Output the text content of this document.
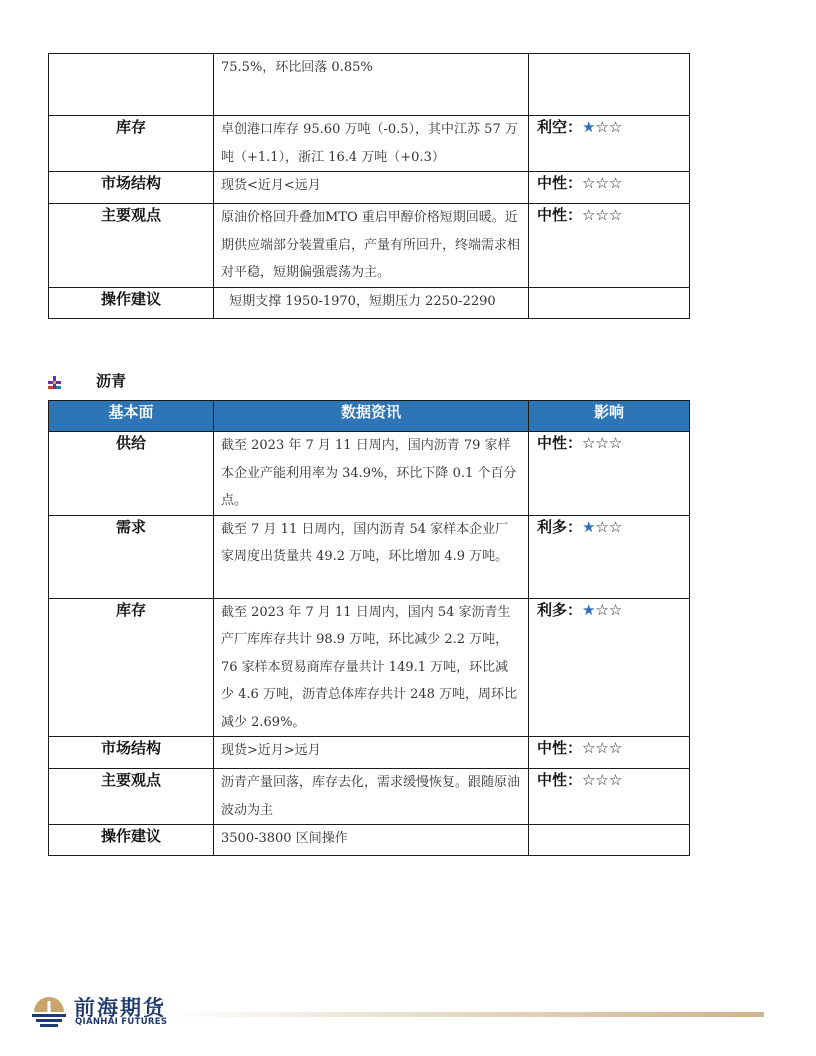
	75.5%，环比回落 0.85%	
库存	卓创港口库存 95.60 万吨（-0.5），其中江苏 57 万吨（+1.1），浙江 16.4 万吨（+0.3）	利空：★☆☆
市场结构	现货<近月<远月	中性：☆☆☆
主要观点	原油价格回升叠加MTO 重启甲醇价格短期回暖。近期供应端部分装置重启，产量有所回升，终端需求相对平稳，短期偏强震荡为主。	中性：☆☆☆
操作建议	短期支撑 1950-1970，短期压力 2250-2290	
沥青
基本面	数据资讯	影响
供给	截至 2023 年 7 月 11 日周内，国内沥青 79 家样本企业产能利用率为 34.9%，环比下降 0.1 个百分点。	中性：☆☆☆
需求	截至 7 月 11 日周内，国内沥青 54 家样本企业厂家周度出货量共 49.2 万吨，环比增加 4.9 万吨。	利多：★☆☆
库存	截至 2023 年 7 月 11 日周内，国内 54 家沥青生产厂库库存共计 98.9 万吨，环比减少 2.2 万吨，76 家样本贸易商库存量共计 149.1 万吨，环比减少 4.6 万吨，沥青总体库存共计 248 万吨，周环比减少 2.69%。	利多：★☆☆
市场结构	现货>近月>远月	中性：☆☆☆
主要观点	沥青产量回落，库存去化，需求缓慢恢复。跟随原油波动为主	中性：☆☆☆
操作建议	3500-3800 区间操作	
前海期货
QIANHAI FUTURES
